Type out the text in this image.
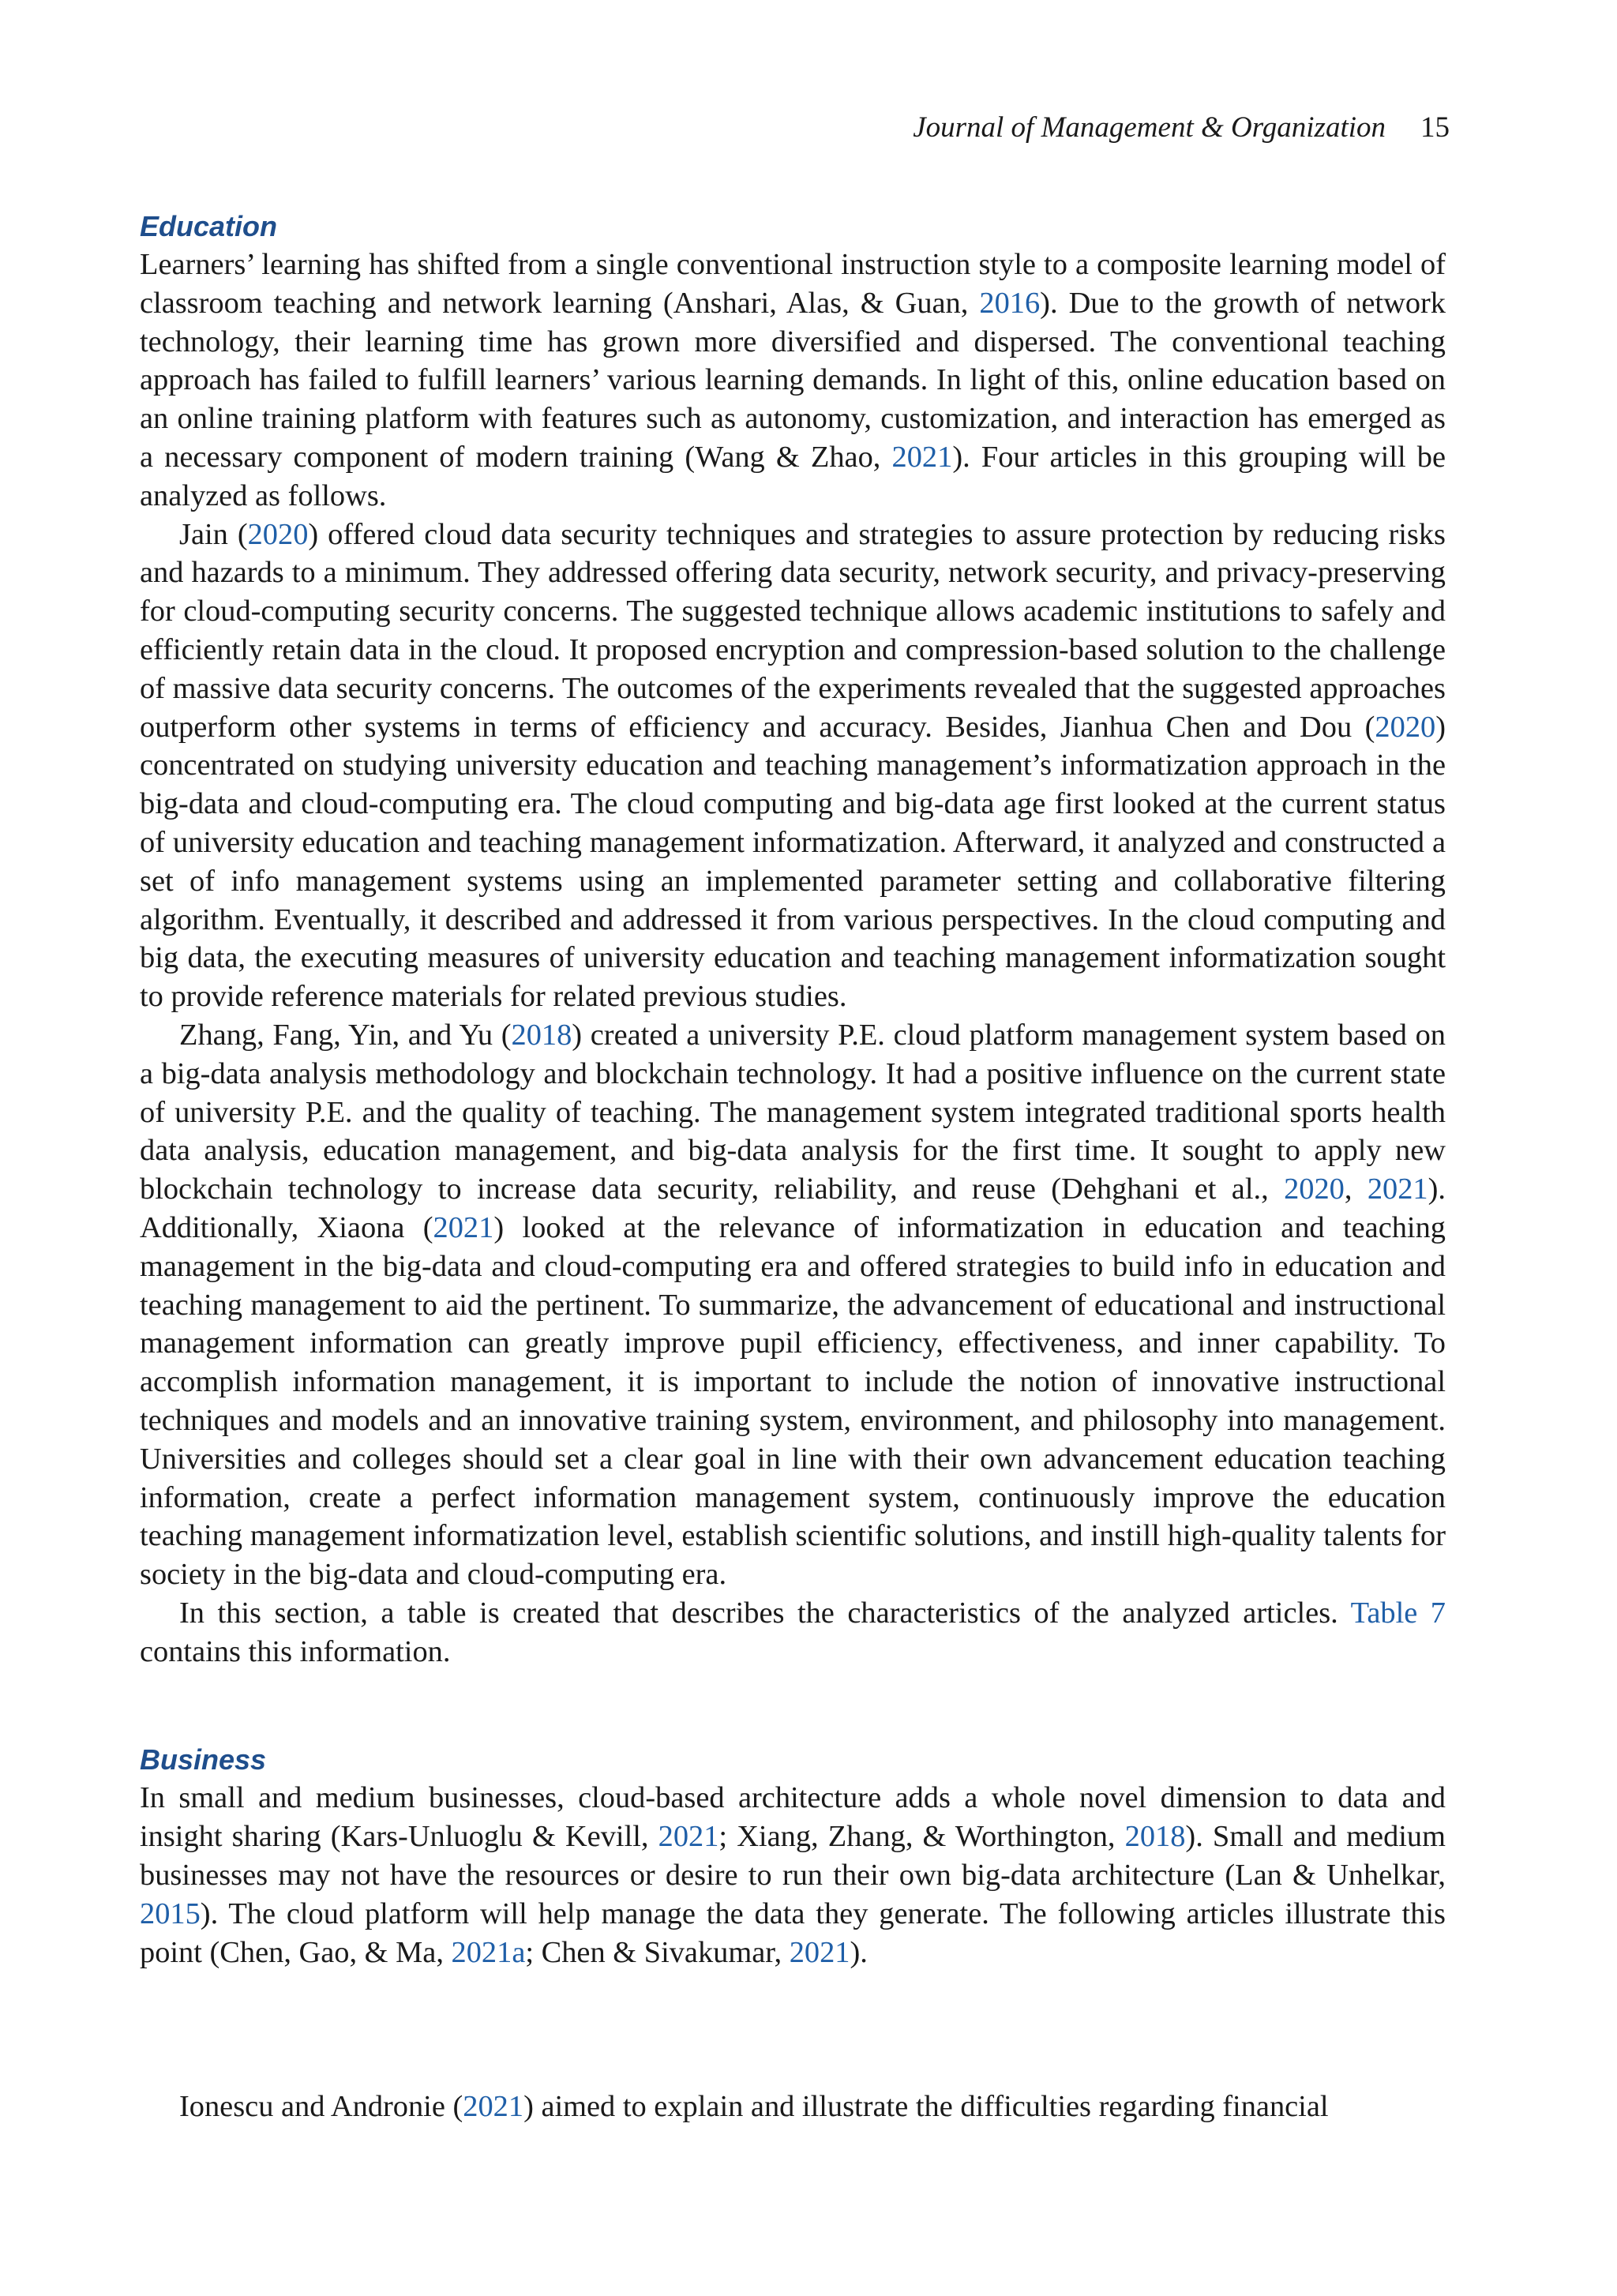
Journal of Management & Organization 15
Education

Learners’ learning has shifted from a single conventional instruction style to a composite learning model of classroom teaching and network learning (Anshari, Alas, & Guan, 2016). Due to the growth of network technology, their learning time has grown more diversified and dispersed. The conventional teaching approach has failed to fulfill learners’ various learning demands. In light of this, online education based on an online training platform with features such as autonomy, customization, and interaction has emerged as a necessary component of modern training (Wang & Zhao, 2021). Four articles in this grouping will be analyzed as follows.

Jain (2020) offered cloud data security techniques and strategies to assure protection by reducing risks and hazards to a minimum. They addressed offering data security, network security, and privacy-preserving for cloud-computing security concerns. The suggested technique allows academic institutions to safely and efficiently retain data in the cloud. It proposed encryption and compression-based solution to the challenge of massive data security concerns. The outcomes of the experiments revealed that the suggested approaches outperform other systems in terms of efficiency and accuracy. Besides, Jianhua Chen and Dou (2020) concentrated on studying university education and teaching management’s informatization approach in the big-data and cloud-computing era. The cloud computing and big-data age first looked at the current status of university education and teaching management informatization. Afterward, it analyzed and constructed a set of info management systems using an implemented parameter setting and collaborative filtering algorithm. Eventually, it described and addressed it from various perspectives. In the cloud computing and big data, the executing measures of university education and teaching management informatization sought to provide reference materials for related previous studies.

Zhang, Fang, Yin, and Yu (2018) created a university P.E. cloud platform management system based on a big-data analysis methodology and blockchain technology. It had a positive influence on the current state of university P.E. and the quality of teaching. The management system integrated traditional sports health data analysis, education management, and big-data analysis for the first time. It sought to apply new blockchain technology to increase data security, reliability, and reuse (Dehghani et al., 2020, 2021). Additionally, Xiaona (2021) looked at the relevance of informatization in education and teaching management in the big-data and cloud-computing era and offered strategies to build info in education and teaching management to aid the pertinent. To summarize, the advancement of educational and instructional management information can greatly improve pupil efficiency, effectiveness, and inner capability. To accomplish information management, it is important to include the notion of innovative instructional techniques and models and an innovative training system, environment, and philosophy into management. Universities and colleges should set a clear goal in line with their own advancement education teaching information, create a perfect information management system, continuously improve the education teaching management informatization level, establish scientific solutions, and instill high-quality talents for society in the big-data and cloud-computing era.

In this section, a table is created that describes the characteristics of the analyzed articles. Table 7 contains this information.

Business

In small and medium businesses, cloud-based architecture adds a whole novel dimension to data and insight sharing (Kars-Unluoglu & Kevill, 2021; Xiang, Zhang, & Worthington, 2018). Small and medium businesses may not have the resources or desire to run their own big-data architecture (Lan & Unhelkar, 2015). The cloud platform will help manage the data they generate. The following articles illustrate this point (Chen, Gao, & Ma, 2021a; Chen & Sivakumar, 2021).

Ionescu and Andronie (2021) aimed to explain and illustrate the difficulties regarding financial
